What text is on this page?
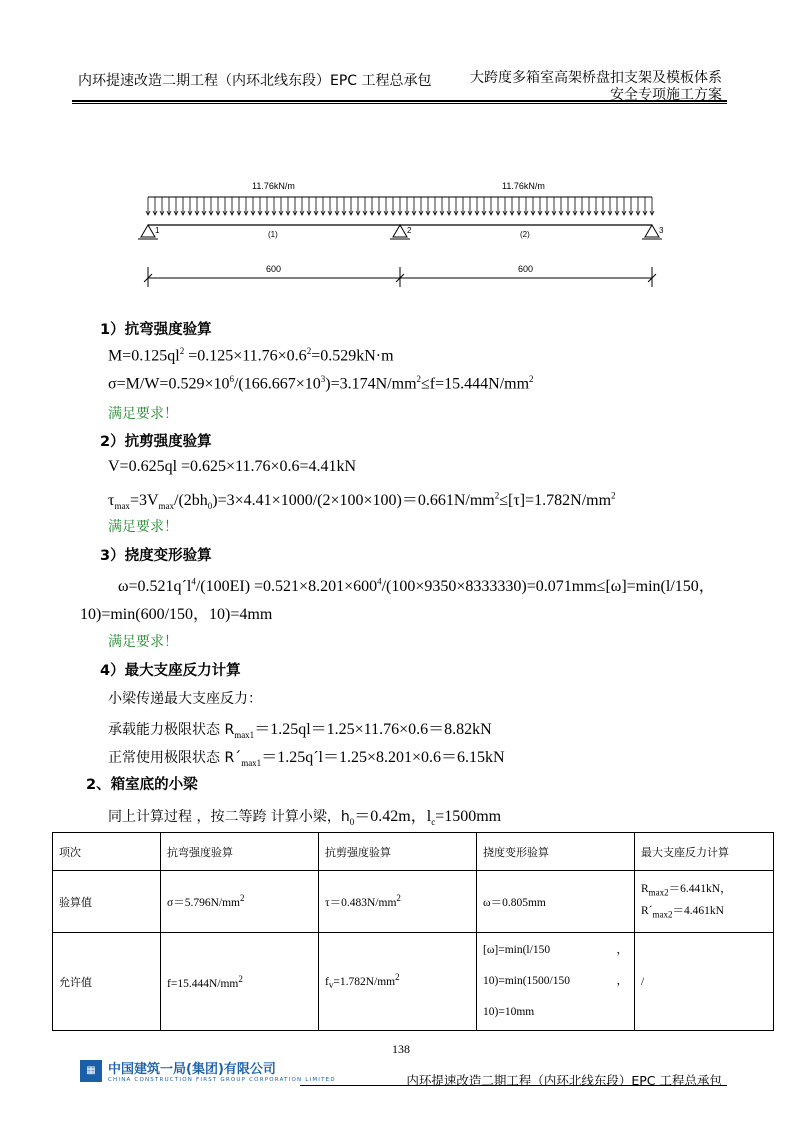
内环提速改造二期工程（内环北线东段）EPC 工程总承包	大跨度多箱室高架桥盘扣支架及模板体系
安全专项施工方案
11.76kN/m	11.76kN/m
1	2	3
(1)	(2)
600	600
1）抗弯强度验算
$M=0.125ql^2 =0.125\times 11.76\times 0.6^2=0.529kN\cdot m$
$\sigma=M/W=0.529\times 10^6/(166.667\times 10^3)=3.174N/mm^2\le f=15.444N/mm^2$
满足要求！
2）抗剪强度验算
V=0.625ql =0.625×11.76×0.6=4.41kN
$\tau_{max}=3V_{max}/(2bh_0)=3\times 4.41\times 1000/(2\times 100\times 100)=0.661N/mm^2\le[\tau]=1.782N/mm^2$
满足要求！
3）挠度变形验算
$\omega=0.521q´l^4/(100EI) =0.521\times 8.201\times 600^4/(100\times 9350\times 8333330)=0.071mm\le[\omega]=\min(l/150$，
10)=min(600/150，10)=4mm
满足要求！
4）最大支座反力计算
小梁传递最大支座反力：
承载能力极限状态 $R_{max1}=1.25ql=1.25\times 11.76\times 0.6=8.82kN$
正常使用极限状态 $R´_{max1}=1.25q´l=1.25\times 8.201\times 0.6=6.15kN$
2、箱室底的小梁
同上计算过程 ，按二等跨 计算小梁，$h_0=0.42m$，$l_c=1500mm$
项次	抗弯强度验算	抗剪强度验算	挠度变形验算	最大支座反力计算
验算值	$\sigma=5.796N/mm^2$	$\tau=0.483N/mm^2$	ω＝0.805mm	$R_{max2}=6.441kN$，
$R´_{max2}=4.461kN$
允许值	$f=15.444N/mm^2$	$f_v=1.782N/mm^2$	[ω]=min(l/150 ，
10)=min(1500/150 ，
10)=10mm	/
138
▦ 中国建筑一局(集团)有限公司
CHINA CONSTRUCTION FIRST GROUP CORPORATION LIMITED	内环提速改造二期工程（内环北线东段）EPC 工程总承包
